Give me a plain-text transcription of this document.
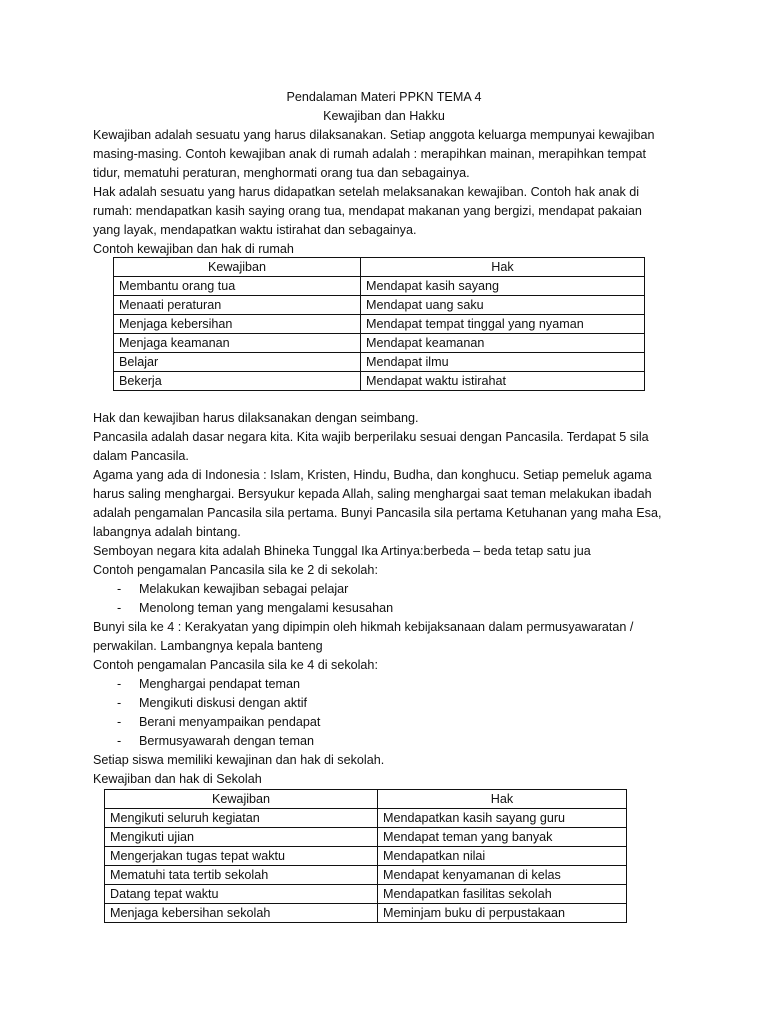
Pendalaman Materi PPKN TEMA 4
Kewajiban dan Hakku
Kewajiban adalah sesuatu yang harus dilaksanakan. Setiap anggota keluarga mempunyai kewajiban
masing-masing. Contoh kewajiban anak di rumah adalah : merapihkan mainan, merapihkan tempat
tidur, mematuhi peraturan, menghormati orang tua dan sebagainya.
Hak adalah sesuatu yang harus didapatkan setelah melaksanakan kewajiban. Contoh hak anak di
rumah: mendapatkan kasih saying orang tua, mendapat makanan yang bergizi, mendapat pakaian
yang layak, mendapatkan waktu istirahat dan sebagainya.
Contoh kewajiban dan hak di rumah
Kewajiban	Hak
Membantu orang tua	Mendapat kasih sayang
Menaati peraturan	Mendapat uang saku
Menjaga kebersihan	Mendapat tempat tinggal yang nyaman
Menjaga keamanan	Mendapat keamanan
Belajar	Mendapat ilmu
Bekerja	Mendapat waktu istirahat
Hak dan kewajiban harus dilaksanakan dengan seimbang.
Pancasila adalah dasar negara kita. Kita wajib berperilaku sesuai dengan Pancasila. Terdapat 5 sila
dalam Pancasila.
Agama yang ada di Indonesia : Islam, Kristen, Hindu, Budha, dan konghucu. Setiap pemeluk agama
harus saling menghargai. Bersyukur kepada Allah, saling menghargai saat teman melakukan ibadah
adalah pengamalan Pancasila sila pertama. Bunyi Pancasila sila pertama Ketuhanan yang maha Esa,
labangnya adalah bintang.
Semboyan negara kita adalah Bhineka Tunggal Ika Artinya:berbeda – beda tetap satu jua
Contoh pengamalan Pancasila sila ke 2 di sekolah:
- Melakukan kewajiban sebagai pelajar
- Menolong teman yang mengalami kesusahan
Bunyi sila ke 4 : Kerakyatan yang dipimpin oleh hikmah kebijaksanaan dalam permusyawaratan /
perwakilan. Lambangnya kepala banteng
Contoh pengamalan Pancasila sila ke 4 di sekolah:
- Menghargai pendapat teman
- Mengikuti diskusi dengan aktif
- Berani menyampaikan pendapat
- Bermusyawarah dengan teman
Setiap siswa memiliki kewajinan dan hak di sekolah.
Kewajiban dan hak di Sekolah
Kewajiban	Hak
Mengikuti seluruh kegiatan	Mendapatkan kasih sayang guru
Mengikuti ujian	Mendapat teman yang banyak
Mengerjakan tugas tepat waktu	Mendapatkan nilai
Mematuhi tata tertib sekolah	Mendapat kenyamanan di kelas
Datang tepat waktu	Mendapatkan fasilitas sekolah
Menjaga kebersihan sekolah	Meminjam buku di perpustakaan
